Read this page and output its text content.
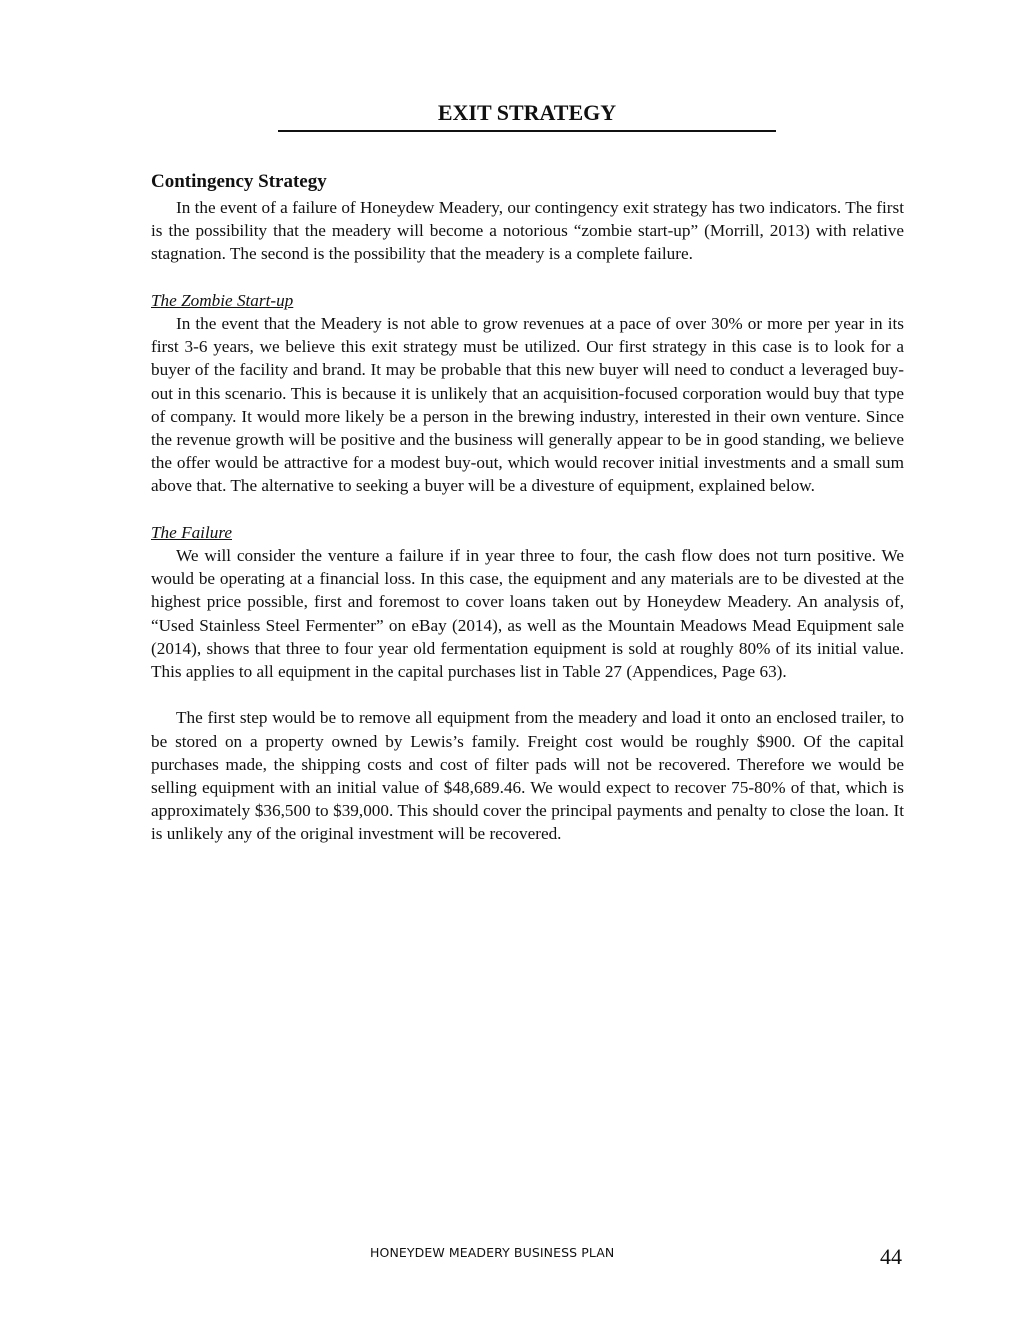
EXIT STRATEGY
Contingency Strategy

In the event of a failure of Honeydew Meadery, our contingency exit strategy has two indicators. The first is the possibility that the meadery will become a notorious “zombie start-up” (Morrill, 2013) with relative stagnation. The second is the possibility that the meadery is a complete failure.

The Zombie Start-up

In the event that the Meadery is not able to grow revenues at a pace of over 30% or more per year in its first 3-6 years, we believe this exit strategy must be utilized. Our first strategy in this case is to look for a buyer of the facility and brand. It may be probable that this new buyer will need to conduct a leveraged buy-out in this scenario. This is because it is unlikely that an acquisition-focused corporation would buy that type of company. It would more likely be a person in the brewing industry, interested in their own venture. Since the revenue growth will be positive and the business will generally appear to be in good standing, we believe the offer would be attractive for a modest buy-out, which would recover initial investments and a small sum above that. The alternative to seeking a buyer will be a divesture of equipment, explained below.

The Failure

We will consider the venture a failure if in year three to four, the cash flow does not turn positive. We would be operating at a financial loss. In this case, the equipment and any materials are to be divested at the highest price possible, first and foremost to cover loans taken out by Honeydew Meadery. An analysis of, “Used Stainless Steel Fermenter” on eBay (2014), as well as the Mountain Meadows Mead Equipment sale (2014), shows that three to four year old fermentation equipment is sold at roughly 80% of its initial value. This applies to all equipment in the capital purchases list in Table 27 (Appendices, Page 63).

The first step would be to remove all equipment from the meadery and load it onto an enclosed trailer, to be stored on a property owned by Lewis’s family. Freight cost would be roughly $900. Of the capital purchases made, the shipping costs and cost of filter pads will not be recovered. Therefore we would be selling equipment with an initial value of $48,689.46. We would expect to recover 75-80% of that, which is approximately $36,500 to $39,000. This should cover the principal payments and penalty to close the loan. It is unlikely any of the original investment will be recovered.

HONEYDEW MEADERY BUSINESS PLAN	44
